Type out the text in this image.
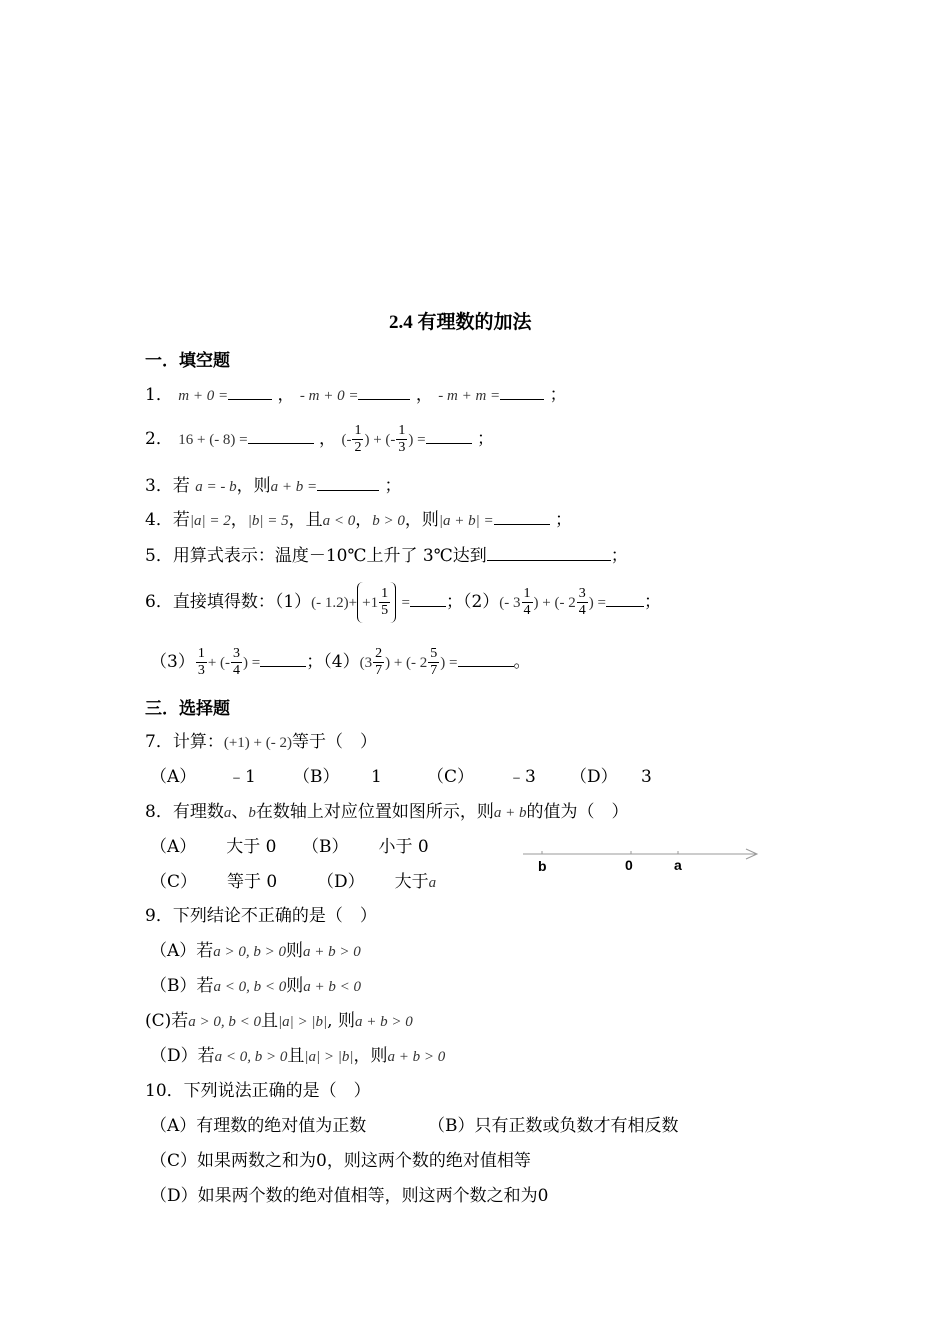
2.4 有理数的加法
一．填空题
1． m + 0 =	， - m + 0 =	， - m + m =	；
2． 16 + (- 8) =	， (- $\frac{1}{2}$ ) + (- $\frac{1}{3}$ ) =	；
3．若 a = - b，则a + b =	；
4．若|a| = 2，|b| = 5，且a < 0，b > 0，则|a + b| =	；
5．用算式表示：温度－10℃上升了 3℃达到	；
6．直接填得数：（1）(- $1.2)+ +1 \frac{1}{5}$ = ；（2）(- $3 \frac{1}{4}$ ) + (- $2 \frac{3}{4}$ ) = ；
$(3) \frac{1}{3}$ + (- $\frac{3}{4}$ ) =	；$(4)(3 \frac{2}{7}$ ) + (- $2 \frac{5}{7}$ ) =	。
三．选择题
7．计算：(+1) + (- 2)等于（　）
（A） ﹣1 （B） 1	（C） ﹣3 （D） 3
8．有理数a、b在数轴上对应位置如图所示，则a + b的值为（　）
（A） 大于 0 （B） 小于 0
（C） 等于 0 （D） 大于a
b	0	a
9．下列结论不正确的是（　）
（A）若a > 0, b > 0则a + b > 0
（B）若a < 0, b < 0则a + b < 0
(C)若a > 0, b < 0且|a| > |b|, 则a + b > 0
（D）若a < 0, b > 0且|a| > |b|，则a + b > 0
10．下列说法正确的是（　）
（A）有理数的绝对值为正数	（B）只有正数或负数才有相反数
（C）如果两数之和为0，则这两个数的绝对值相等
（D）如果两个数的绝对值相等，则这两个数之和为0
